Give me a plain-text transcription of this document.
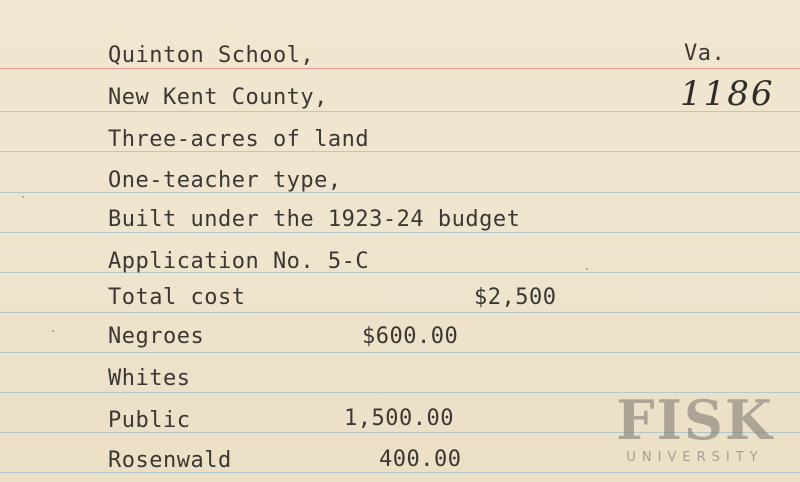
Va.
1186
Quinton School,
New Kent County,
Three-acres of land
One-teacher type,
Built under the 1923-24 budget
Application No. 5-C
Total cost	$2,500
Negroes	$600.00
Whites
Public	1,500.00
Rosenwald	400.00
FISK
UNIVERSITY
